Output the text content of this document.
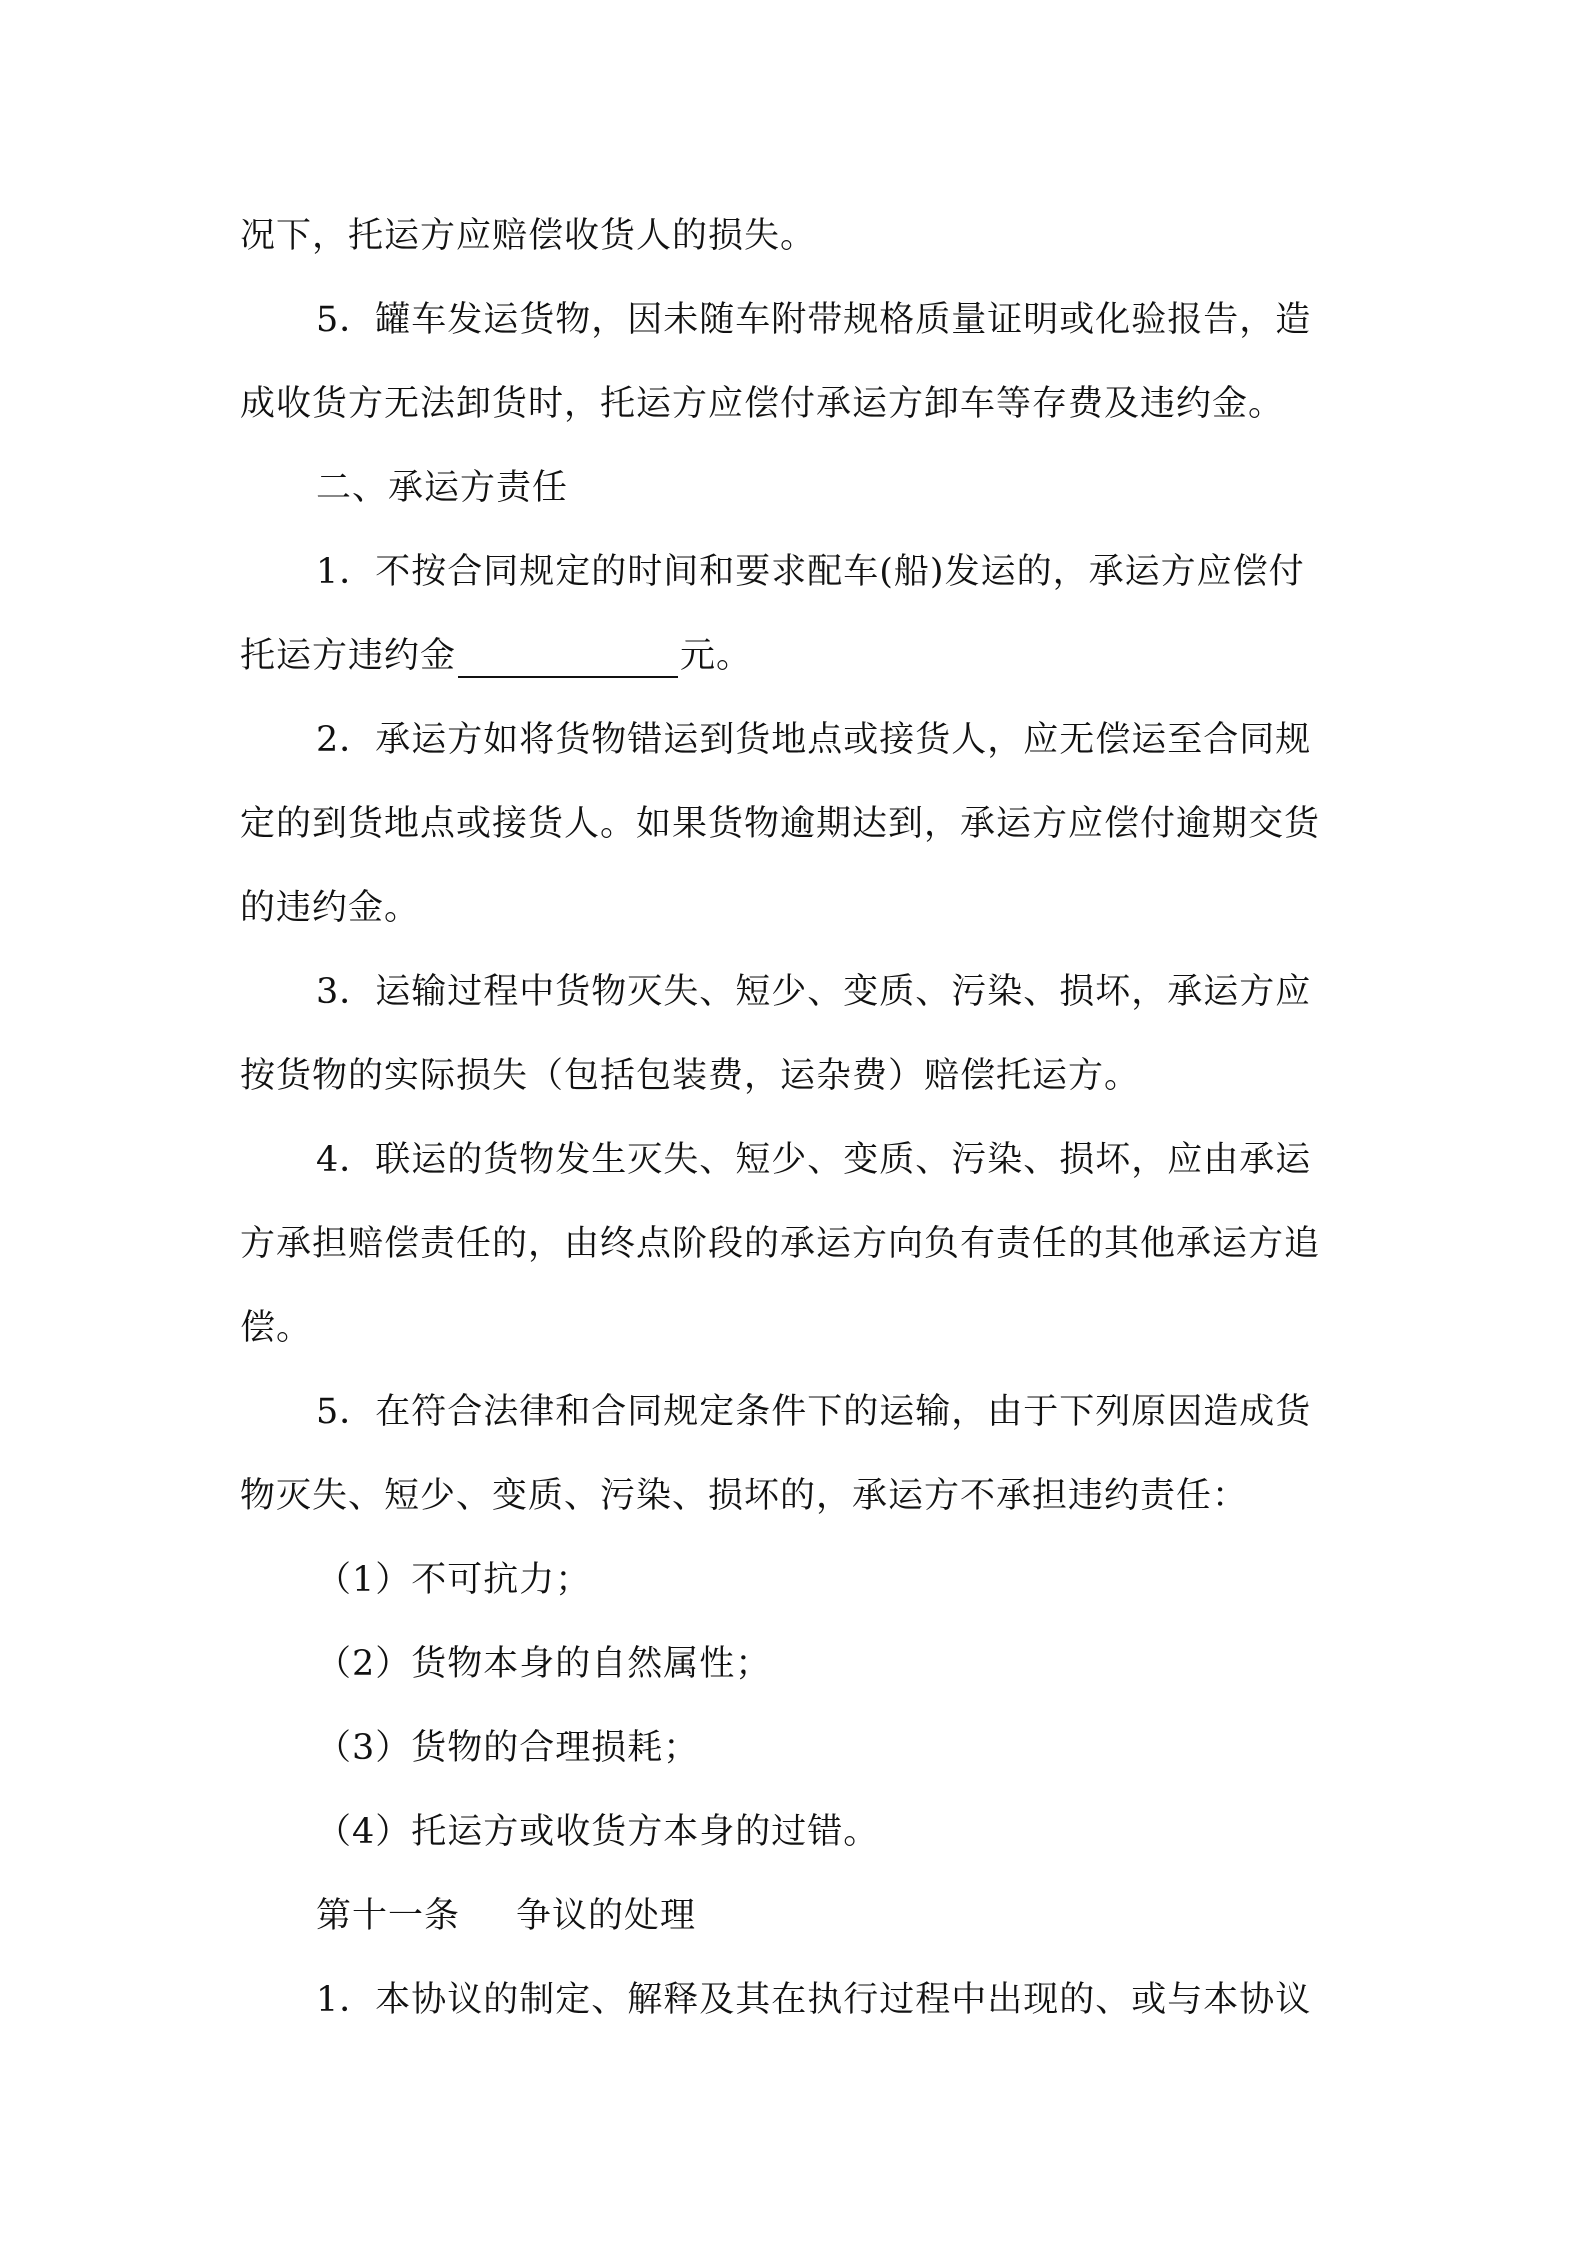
况下，托运方应赔偿收货人的损失。
5．罐车发运货物，因未随车附带规格质量证明或化验报告，造
成收货方无法卸货时，托运方应偿付承运方卸车等存费及违约金。
二、承运方责任
1．不按合同规定的时间和要求配车(船)发运的，承运方应偿付
托运方违约金	元。
2．承运方如将货物错运到货地点或接货人，应无偿运至合同规
定的到货地点或接货人。如果货物逾期达到，承运方应偿付逾期交货
的违约金。
3．运输过程中货物灭失、短少、变质、污染、损坏，承运方应
按货物的实际损失（包括包装费，运杂费）赔偿托运方。
4．联运的货物发生灭失、短少、变质、污染、损坏，应由承运
方承担赔偿责任的，由终点阶段的承运方向负有责任的其他承运方追
偿。
5．在符合法律和合同规定条件下的运输，由于下列原因造成货
物灭失、短少、变质、污染、损坏的，承运方不承担违约责任：
（1）不可抗力；
（2）货物本身的自然属性；
（3）货物的合理损耗；
（4）托运方或收货方本身的过错。
第十一条 争议的处理
1．本协议的制定、解释及其在执行过程中出现的、或与本协议
